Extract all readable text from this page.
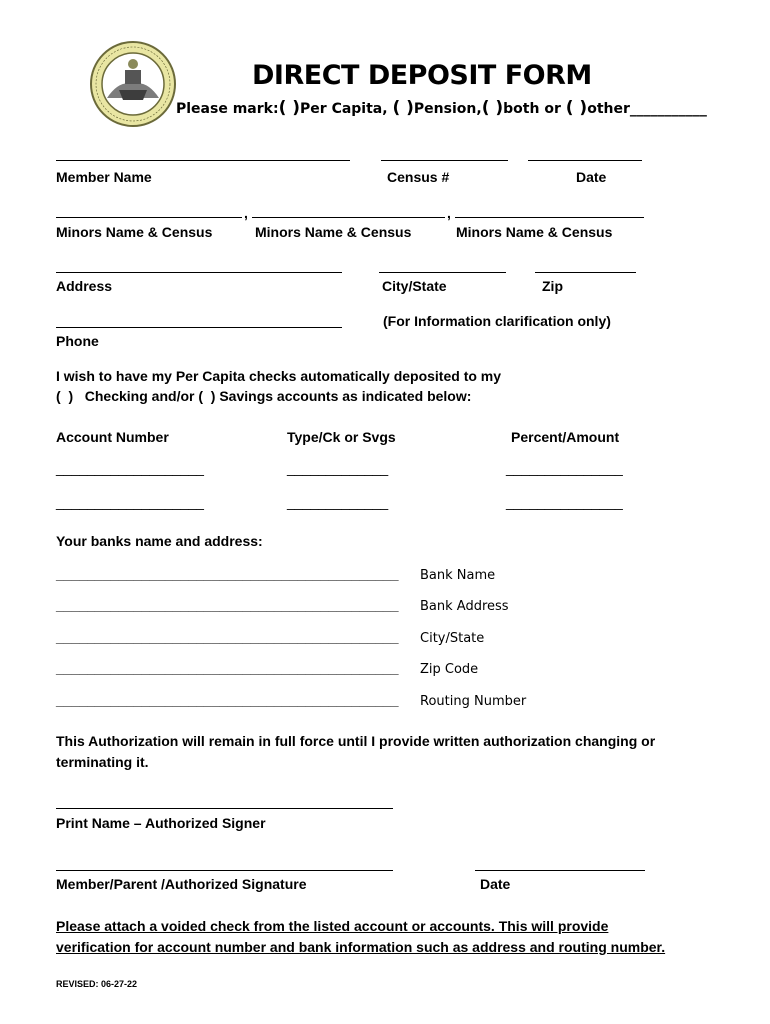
DIRECT DEPOSIT FORM
Please mark:( )Per Capita, ( )Pension,( )both or ( )other___________
Member Name	Census #	Date
,	,
Minors Name & Census	Minors Name & Census	Minors Name & Census
Address	City/State	Zip
(For Information clarification only)
Phone
I wish to have my Per Capita checks automatically deposited to my
(  )   Checking and/or (  ) Savings accounts as indicated below:
Account Number	Type/Ck or Svgs	Percent/Amount
___________________	_____________	_______________
___________________	_____________	_______________
Your banks name and address:
____________________________________________ Bank Name
____________________________________________ Bank Address
____________________________________________ City/State
____________________________________________ Zip Code
____________________________________________ Routing Number
This Authorization will remain in full force until I provide written authorization changing or terminating it.
Print Name – Authorized Signer
Member/Parent /Authorized Signature	Date
Please attach a voided check from the listed account or accounts. This will provide verification for account number and bank information such as address and routing number.
REVISED: 06-27-22
